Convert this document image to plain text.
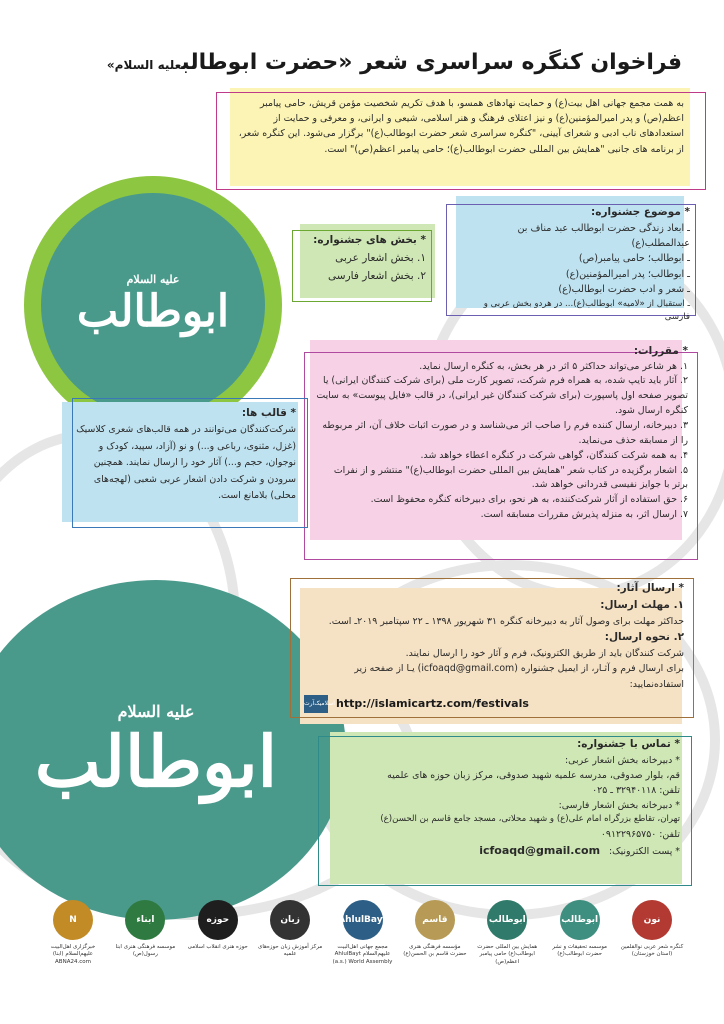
فراخوان کنگره سراسری شعر «حضرت ابوطالبعلیه السلام»

به همت مجمع جهانی اهل بیت(ع) و حمایت نهادهای همسو، با هدف تکریم شخصیت مؤمن قریش، حامی پیامبر اعظم(ص) و پدر امیرالمؤمنین(ع) و نیز اعتلای فرهنگ و هنر اسلامی، شیعی و ایرانی، و معرفی و حمایت از استعدادهای ناب ادبی و شعرای آیینی، "کنگره سراسری شعر حضرت ابوطالب(ع)" برگزار می‌شود. این کنگره شعر، از برنامه های جانبی "همایش بین المللی حضرت ابوطالب(ع)؛ حامی پیامبر اعظم(ص)" است.

علیه السلام
ابوطالب
* بخش های جشنواره:

۱. بخش اشعار عربی

۲. بخش اشعار فارسی

* موضوع جشنواره:

ـ ابعاد زندگی حضرت ابوطالب عبد مناف بن عبدالمطلب(ع)

ـ ابوطالب؛ حامی پیامبر(ص)

ـ ابوطالب؛ پدر امیرالمؤمنین(ع)

ـ شعر و ادب حضرت ابوطالب(ع)

ـ استقبال از «لامیه» ابوطالب(ع)... در هردو بخش عربی و فارسی

* مقررات:

۱. هر شاعر می‌تواند حداکثر ۵ اثر در هر بخش، به کنگره ارسال نماید.

۲. آثار باید تایپ شده، به همراه فرم شرکت، تصویر کارت ملی (برای شرکت کنندگان ایرانی) یا تصویر صفحه اول پاسپورت (برای شرکت کنندگان غیر ایرانی)، در قالب «فایل پیوست» به سایت کنگره ارسال شود.

۳. دبیرخانه، ارسال کننده فرم را صاحب اثر می‌شناسد و در صورت اثبات خلاف آن، اثر مربوطه را از مسابقه حذف می‌نماید.

۴. به همه شرکت کنندگان، گواهی شرکت در کنگره اعطاء خواهد شد.

۵. اشعار برگزیده در کتاب شعر "همایش بین المللی حضرت ابوطالب(ع)" منتشر و از نفرات برتر با جوایز نفیسی قدردانی خواهد شد.

۶. حق استفاده از آثار شرکت‌کننده، به هر نحو، برای دبیرخانه کنگره محفوظ است.

۷. ارسال اثر، به منزله پذیرش مقررات مسابقه است.

* قالب ها:

شرکت‌کنندگان می‌توانند در همه قالب‌های شعری کلاسیک (غزل، مثنوی، رباعی و...) و نو (آزاد، سپید، کودک و نوجوان، حجم و...) آثار خود را ارسال نمایند. همچنین سرودن و شرکت دادن اشعار عربی شعبی (لهجه‌های محلی) بلامانع است.

علیه السلام
ابوطالب
* ارسال آثار:
۱. مهلت ارسال:

حداکثر مهلت برای وصول آثار به دبیرخانه کنگره ۳۱ شهریور ۱۳۹۸ ـ ۲۲ سپتامبر ۲۰۱۹ـ است.

۲. نحوه ارسال:

شرکت کنندگان باید از طریق الکترونیک، فرم و آثار خود را ارسال نمایند.

برای ارسال فرم و آثـار، از ایمیل جشنواره (icfoaqd@gmail.com) یـا از صفحه زیر استفاده‌نمایید:

اسلامیک‌آرت http://islamicartz.com/festivals
* تماس با جشنواره:

* دبیرخانه بخش اشعار عربی:

قم، بلوار صدوقی، مدرسه علمیه شهید صدوقی، مرکز زبان حوزه های علمیه

تلفن: ۳۲۹۴۰۱۱۸ ـ ۰۲۵

* دبیرخانه بخش اشعار فارسی:

تهران، تقاطع بزرگراه امام علی(ع) و شهید محلاتی، مسجد جامع قاسم بن الحسن(ع)

تلفن: ۰۹۱۲۲۹۶۵۷۵۰

* پست الکترونیک: icfoaqd@gmail.com

نون
کنگره شعر عربی نوالقلمین (استان خوزستان)
ابوطالب
موسسه تحقیقات و نشر حضرت ابوطالب(ع)
ابوطالب
همایش بین المللی حضرت ابوطالب(ع) حامی پیامبر اعظم(ص)
قاسم
مؤسسه فرهنگی هنری حضرت قاسم بن الحسن(ع)
AhlulBayt
مجمع جهانی اهل‌البیت علیهم‌السلام AhlulBayt (a.s.) World Assembly
زبان
مرکز آموزش زبان حوزه‌های علمیه
حوزه
حوزه هنری انقلاب اسلامی
ابناء
موسسه فرهنگی هنری ابنا رسول(ص)
N
خبرگزاری اهل‌البیت علیهم‌السلام (ابنا) ABNA24.com
